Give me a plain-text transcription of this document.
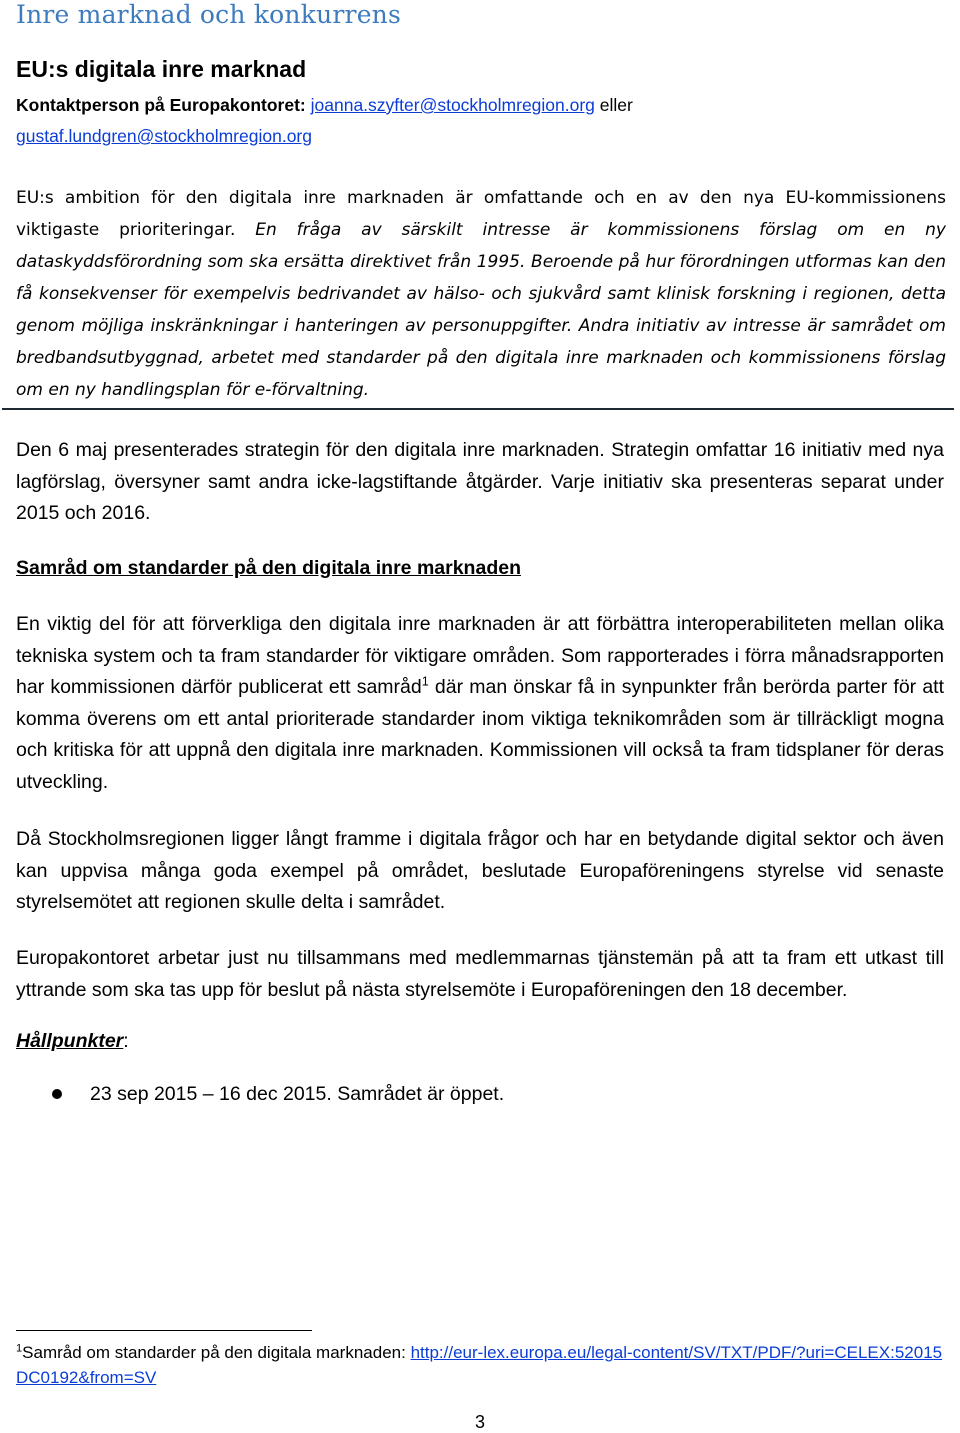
Inre marknad och konkurrens
EU:s digitala inre marknad
Kontaktperson på Europakontoret: joanna.szyfter@stockholmregion.org eller
gustaf.lundgren@stockholmregion.org

EU:s ambition för den digitala inre marknaden är omfattande och en av den nya EU-kommissionens viktigaste prioriteringar. En fråga av särskilt intresse är kommissionens förslag om en ny dataskyddsförordning som ska ersätta direktivet från 1995. Beroende på hur förordningen utformas kan den få konsekvenser för exempelvis bedrivandet av hälso- och sjukvård samt klinisk forskning i regionen, detta genom möjliga inskränkningar i hanteringen av personuppgifter. Andra initiativ av intresse är samrådet om bredbandsutbyggnad, arbetet med standarder på den digitala inre marknaden och kommissionens förslag om en ny handlingsplan för e-förvaltning.

Den 6 maj presenterades strategin för den digitala inre marknaden. Strategin omfattar 16 initiativ med nya lagförslag, översyner samt andra icke-lagstiftande åtgärder. Varje initiativ ska presenteras separat under 2015 och 2016.

Samråd om standarder på den digitala inre marknaden

En viktig del för att förverkliga den digitala inre marknaden är att förbättra interoperabiliteten mellan olika tekniska system och ta fram standarder för viktigare områden. Som rapporterades i förra månadsrapporten har kommissionen därför publicerat ett samråd$^1$ där man önskar få in synpunkter från berörda parter för att komma överens om ett antal prioriterade standarder inom viktiga teknikområden som är tillräckligt mogna och kritiska för att uppnå den digitala inre marknaden. Kommissionen vill också ta fram tidsplaner för deras utveckling.

Då Stockholmsregionen ligger långt framme i digitala frågor och har en betydande digital sektor och även kan uppvisa många goda exempel på området, beslutade Europaföreningens styrelse vid senaste styrelsemötet att regionen skulle delta i samrådet.

Europakontoret arbetar just nu tillsammans med medlemmarnas tjänstemän på att ta fram ett utkast till yttrande som ska tas upp för beslut på nästa styrelsemöte i Europaföreningen den 18 december.

Hållpunkter:

23 sep 2015 – 16 dec 2015. Samrådet är öppet.
$^1$Samråd om standarder på den digitala marknaden: http://eur-lex.europa.eu/legal-content/SV/TXT/PDF/?uri=CELEX:52015DC0192&from=SV
3
